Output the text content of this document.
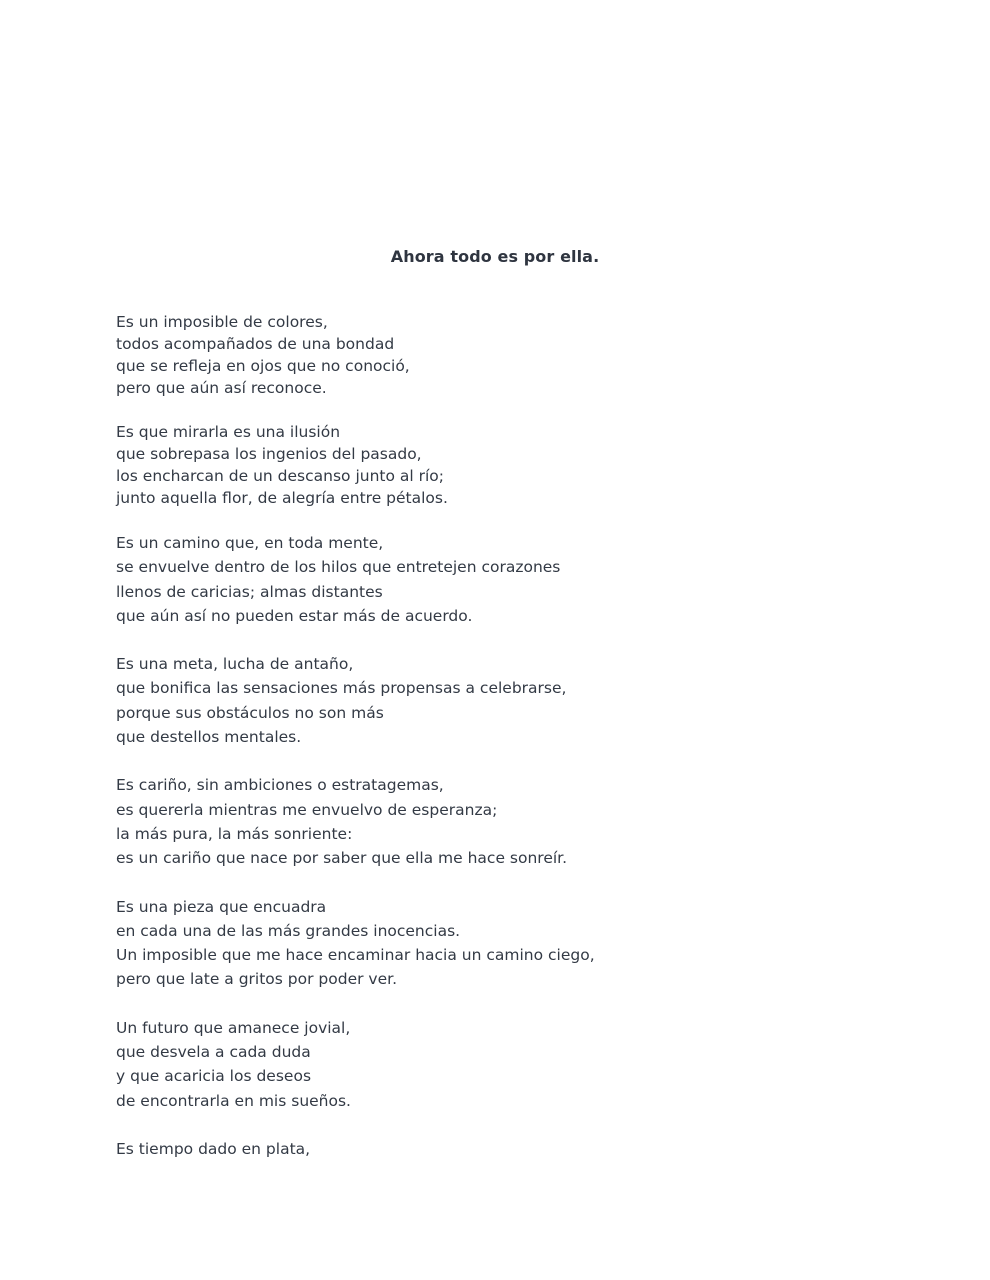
Ahora todo es por ella.
Es un imposible de colores,
todos acompañados de una bondad
que se refleja en ojos que no conoció,
pero que aún así reconoce.
Es que mirarla es una ilusión
que sobrepasa los ingenios del pasado,
los encharcan de un descanso junto al río;
junto aquella flor, de alegría entre pétalos.
Es un camino que, en toda mente,
se envuelve dentro de los hilos que entretejen corazones
llenos de caricias; almas distantes
que aún así no pueden estar más de acuerdo.
Es una meta, lucha de antaño,
que bonifica las sensaciones más propensas a celebrarse,
porque sus obstáculos no son más
que destellos mentales.
Es cariño, sin ambiciones o estratagemas,
es quererla mientras me envuelvo de esperanza;
la más pura, la más sonriente:
es un cariño que nace por saber que ella me hace sonreír.
Es una pieza que encuadra
en cada una de las más grandes inocencias.
Un imposible que me hace encaminar hacia un camino ciego,
pero que late a gritos por poder ver.
Un futuro que amanece jovial,
que desvela a cada duda
y que acaricia los deseos
de encontrarla en mis sueños.
Es tiempo dado en plata,
